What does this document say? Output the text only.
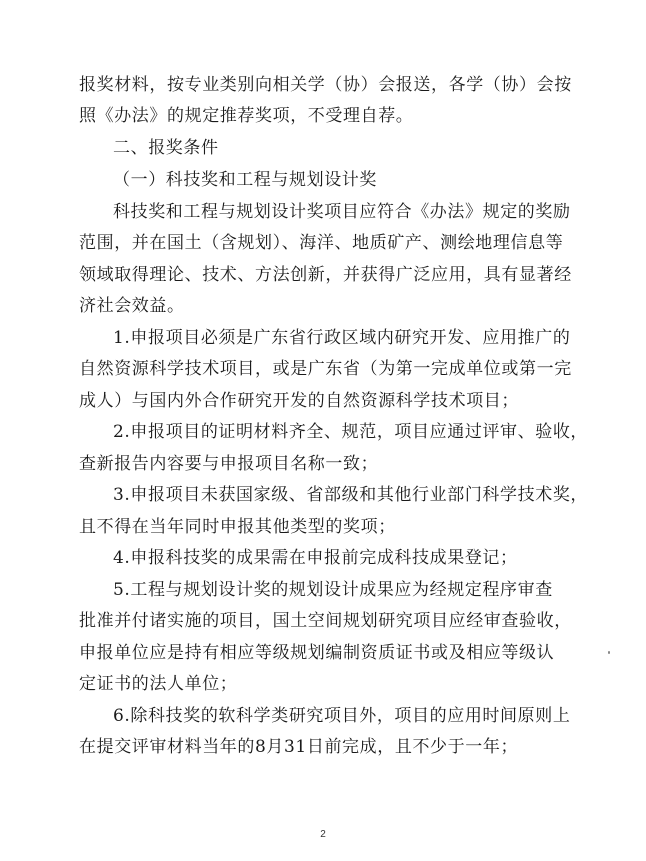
报奖材料，按专业类别向相关学（协）会报送，各学（协）会按
照《办法》的规定推荐奖项，不受理自荐。
二、报奖条件
（一）科技奖和工程与规划设计奖
科技奖和工程与规划设计奖项目应符合《办法》规定的奖励
范围，并在国土（含规划）、海洋、地质矿产、测绘地理信息等
领域取得理论、技术、方法创新，并获得广泛应用，具有显著经
济社会效益。
1.申报项目必须是广东省行政区域内研究开发、应用推广的
自然资源科学技术项目，或是广东省（为第一完成单位或第一完
成人）与国内外合作研究开发的自然资源科学技术项目；
2.申报项目的证明材料齐全、规范，项目应通过评审、验收，
查新报告内容要与申报项目名称一致；
3.申报项目未获国家级、省部级和其他行业部门科学技术奖，
且不得在当年同时申报其他类型的奖项；
4.申报科技奖的成果需在申报前完成科技成果登记；
5.工程与规划设计奖的规划设计成果应为经规定程序审查
批准并付诸实施的项目，国土空间规划研究项目应经审查验收，
申报单位应是持有相应等级规划编制资质证书或及相应等级认
定证书的法人单位；
6.除科技奖的软科学类研究项目外，项目的应用时间原则上
在提交评审材料当年的8月31日前完成，且不少于一年；
2
